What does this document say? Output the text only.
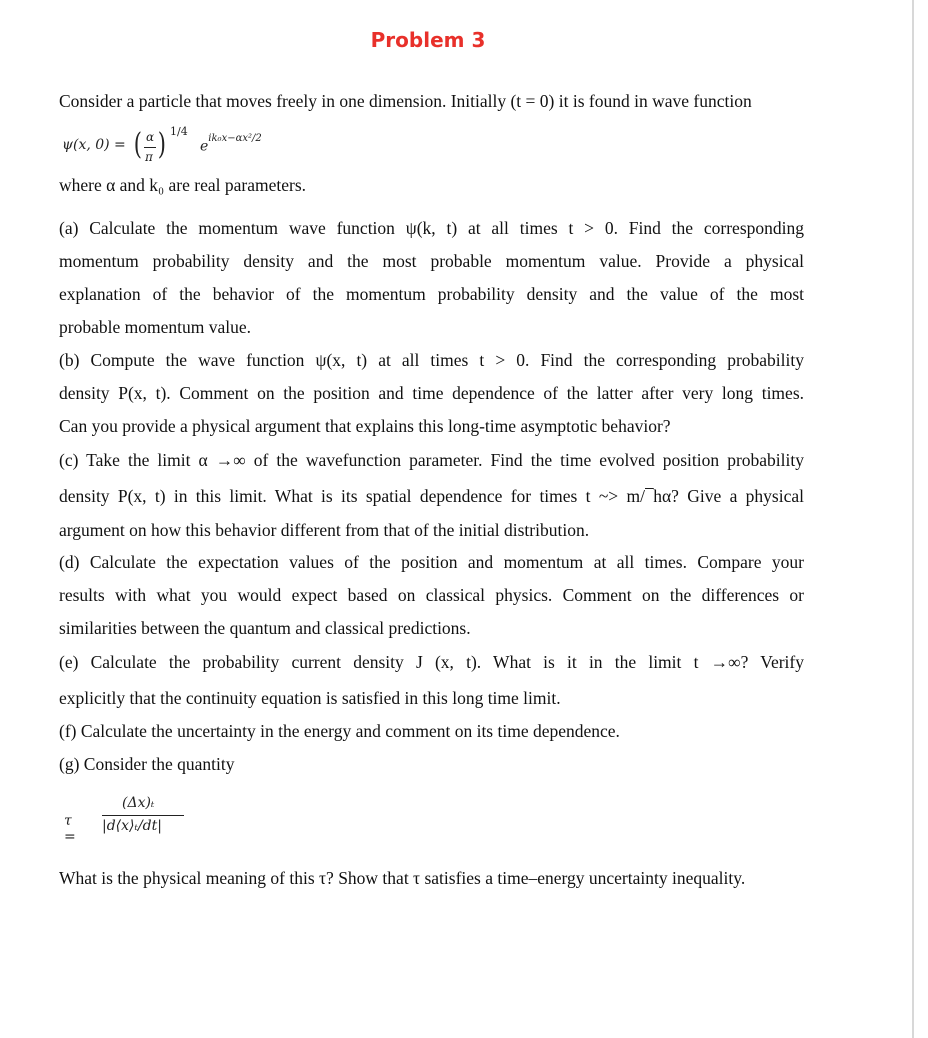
Problem 3
Consider a particle that moves freely in one dimension. Initially (t = 0) it is found in wave function
ψ(x, 0) = ( α
π ) 1/4
$e^{ik_0x-\alpha x^2/2}$
where α and k₀ are real parameters.
(a) Calculate the momentum wave function ψ(k, t) at all times t > 0. Find the corresponding
momentum probability density and the most probable momentum value. Provide a physical
explanation of the behavior of the momentum probability density and the value of the most
probable momentum value.
(b) Compute the wave function ψ(x, t) at all times t > 0. Find the corresponding probability
density P(x, t). Comment on the position and time dependence of the latter after very long times.
Can you provide a physical argument that explains this long-time asymptotic behavior?
(c) Take the limit α →∞ of the wavefunction parameter. Find the time evolved position probability
density P(x, t) in this limit. What is its spatial dependence for times t ~> m/ ̅hα? Give a physical
argument on how this behavior different from that of the initial distribution.
(d) Calculate the expectation values of the position and momentum at all times. Compare your
results with what you would expect based on classical physics. Comment on the differences or
similarities between the quantum and classical predictions.
(e) Calculate the probability current density J (x, t). What is it in the limit t →∞? Verify
explicitly that the continuity equation is satisfied in this long time limit.
(f) Calculate the uncertainty in the energy and comment on its time dependence.
(g) Consider the quantity
τ =
(Δx)ₜ
|d⟨x⟩ₜ/dt|
What is the physical meaning of this τ? Show that τ satisfies a time–energy uncertainty inequality.
